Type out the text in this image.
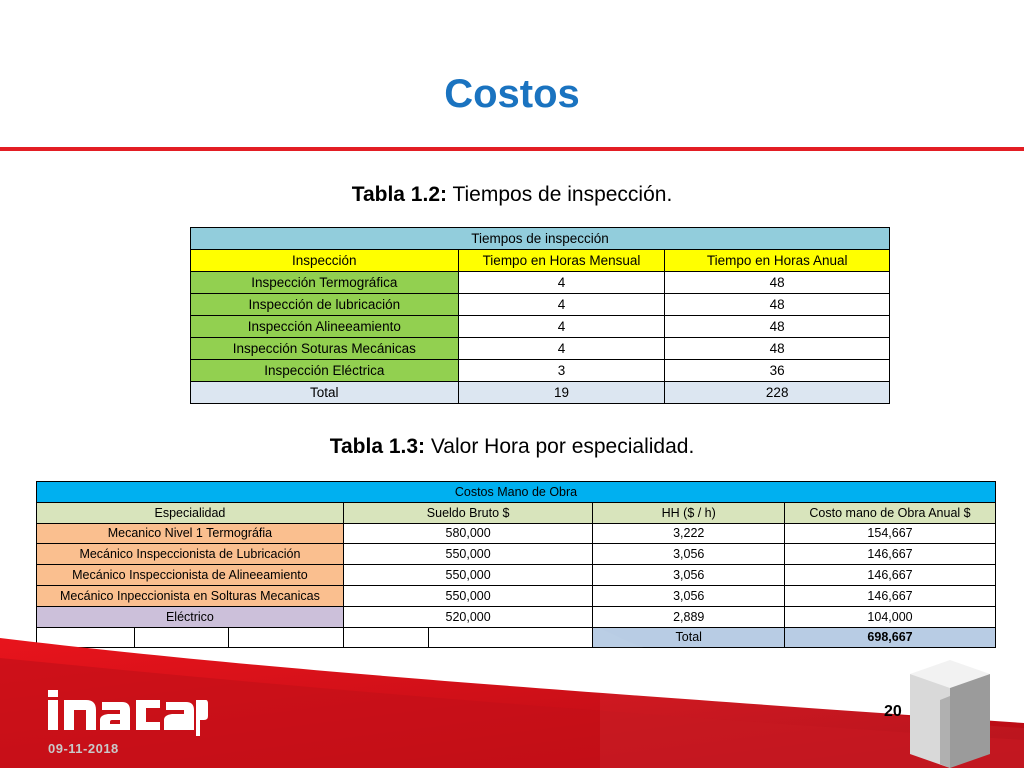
Costos
Tabla 1.2: Tiempos de inspección.
Tiempos de inspección		
Inspección	Tiempo en Horas Mensual	Tiempo en Horas Anual
Inspección Termográfica	4	48
Inspección de lubricación	4	48
Inspección Alineeamiento	4	48
Inspección Soturas Mecánicas	4	48
Inspección Eléctrica	3	36
Total	19	228
Tabla 1.3: Valor Hora por especialidad.
Costos Mano de Obra						
Especialidad			Sueldo Bruto $		HH ($ / h)	Costo mano de Obra Anual $
Mecanico Nivel 1 Termográfia			580,000		3,222	154,667
Mecánico Inspeccionista de Lubricación			550,000		3,056	146,667
Mecánico Inspeccionista de Alineeamiento			550,000		3,056	146,667
Mecánico Inpeccionista en Solturas Mecanicas			550,000		3,056	146,667
Eléctrico			520,000		2,889	104,000
					Total	698,667
09-11-2018
20
